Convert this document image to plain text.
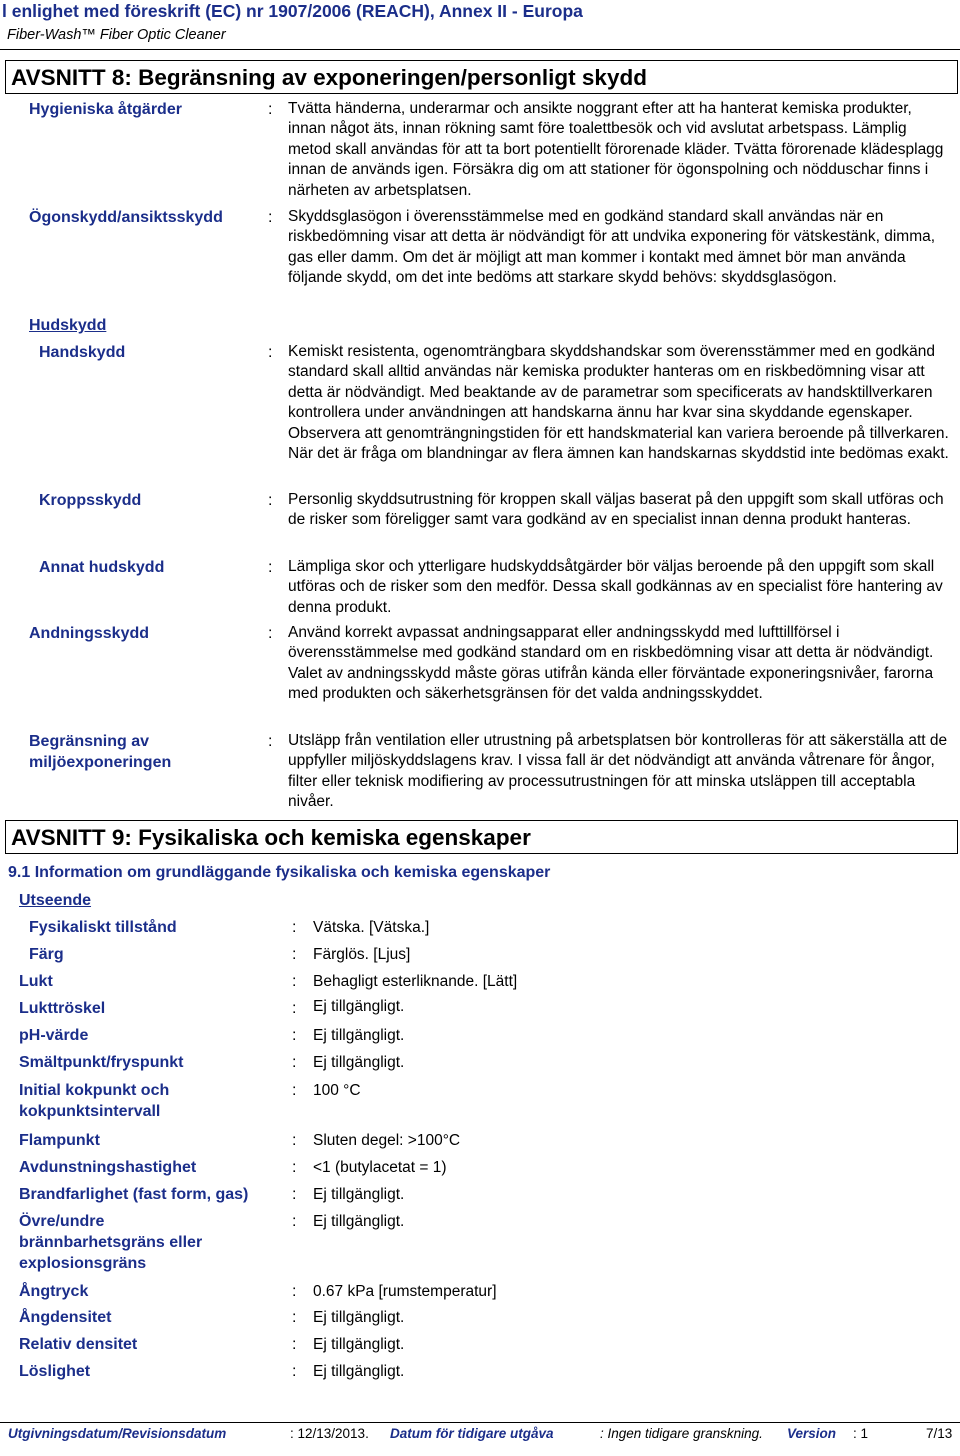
l enlighet med föreskrift (EC) nr 1907/2006 (REACH), Annex II - Europa
Fiber-Wash™ Fiber Optic Cleaner
AVSNITT 8: Begränsning av exponeringen/personligt skydd
Hygieniska åtgärder	: Tvätta händerna, underarmar och ansikte noggrant efter att ha hanterat kemiska produkter, innan något äts, innan rökning samt före toalettbesök och vid avslutat arbetspass. Lämplig metod skall användas för att ta bort potentiellt förorenade kläder. Tvätta förorenade klädesplagg innan de används igen. Försäkra dig om att stationer för ögonspolning och nödduschar finns i närheten av arbetsplatsen.
Ögonskydd/ansiktsskydd	: Skyddsglasögon i överensstämmelse med en godkänd standard skall användas när en riskbedömning visar att detta är nödvändigt för att undvika exponering för vätskestänk, dimma, gas eller damm. Om det är möjligt att man kommer i kontakt med ämnet bör man använda följande skydd, om det inte bedöms att starkare skydd behövs: skyddsglasögon.
Hudskydd
Handskydd	: Kemiskt resistenta, ogenomträngbara skyddshandskar som överensstämmer med en godkänd standard skall alltid användas när kemiska produkter hanteras om en riskbedömning visar att detta är nödvändigt. Med beaktande av de parametrar som specificerats av handsktillverkaren kontrollera under användningen att handskarna ännu har kvar sina skyddande egenskaper. Observera att genomträngningstiden för ett handskmaterial kan variera beroende på tillverkaren. När det är fråga om blandningar av flera ämnen kan handskarnas skyddstid inte bedömas exakt.
Kroppsskydd	: Personlig skyddsutrustning för kroppen skall väljas baserat på den uppgift som skall utföras och de risker som föreligger samt vara godkänd av en specialist innan denna produkt hanteras.
Annat hudskydd	: Lämpliga skor och ytterligare hudskyddsåtgärder bör väljas beroende på den uppgift som skall utföras och de risker som den medför. Dessa skall godkännas av en specialist före hantering av denna produkt.
Andningsskydd	: Använd korrekt avpassat andningsapparat eller andningsskydd med lufttillförsel i överensstämmelse med godkänd standard om en riskbedömning visar att detta är nödvändigt. Valet av andningsskydd måste göras utifrån kända eller förväntade exponeringsnivåer, farorna med produkten och säkerhetsgränsen för det valda andningsskyddet.
Begränsning av
miljöexponeringen
: Utsläpp från ventilation eller utrustning på arbetsplatsen bör kontrolleras för att säkerställa att de uppfyller miljöskyddslagens krav. I vissa fall är det nödvändigt att använda våtrenare för ångor, filter eller teknisk modifiering av processutrustningen för att minska utsläppen till acceptabla nivåer.
AVSNITT 9: Fysikaliska och kemiska egenskaper
9.1 Information om grundläggande fysikaliska och kemiska egenskaper
Utseende
Fysikaliskt tillstånd	: Vätska. [Vätska.]
Färg	: Färglös. [Ljus]
Lukt	: Behagligt esterliknande. [Lätt]
Lukttröskel	: Ej tillgängligt.
pH-värde	: Ej tillgängligt.
Smältpunkt/fryspunkt	: Ej tillgängligt.
Initial kokpunkt och
kokpunktsintervall
: 100 °C
Flampunkt	: Sluten degel: >100°C
Avdunstningshastighet	: <1 (butylacetat = 1)
Brandfarlighet (fast form, gas)	: Ej tillgängligt.
Övre/undre
brännbarhetsgräns eller
explosionsgräns
: Ej tillgängligt.
Ångtryck	: 0.67 kPa [rumstemperatur]
Ångdensitet	: Ej tillgängligt.
Relativ densitet	: Ej tillgängligt.
Löslighet	: Ej tillgängligt.
Utgivningsdatum/Revisionsdatum	: 12/13/2013. Datum för tidigare utgåva	: Ingen tidigare granskning. Version : 1	7/13
